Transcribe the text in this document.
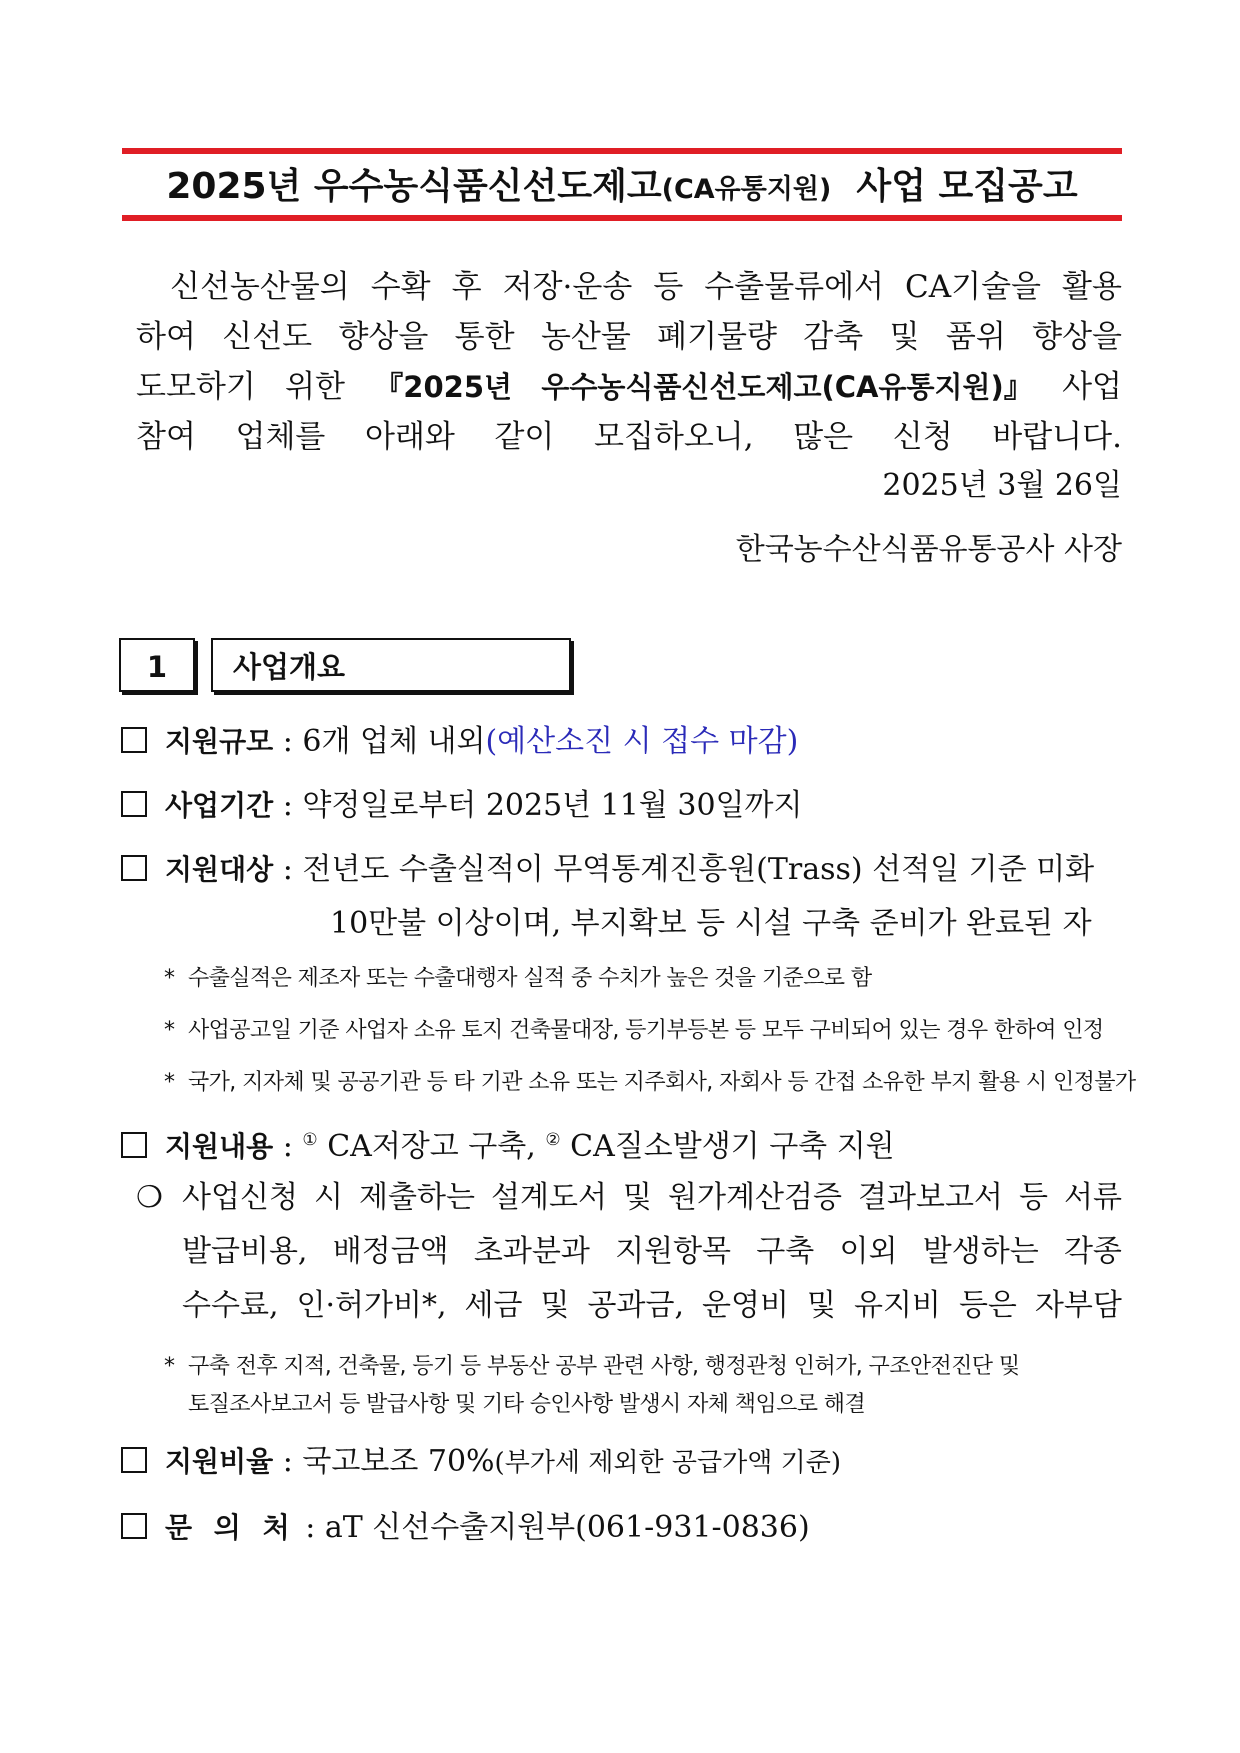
2025년 우수농식품신선도제고(CA유통지원) 사업 모집공고
신선농산물의 수확 후 저장·운송 등 수출물류에서 CA기술을 활용
하여 신선도 향상을 통한 농산물 폐기물량 감축 및 품위 향상을
도모하기 위한 『2025년 우수농식품신선도제고(CA유통지원)』 사업
참여 업체를 아래와 같이 모집하오니, 많은 신청 바랍니다.
2025년 3월 26일
한국농수산식품유통공사 사장
1	사업개요
지원규모 : 6개 업체 내외(예산소진 시 접수 마감)
사업기간 : 약정일로부터 2025년 11월 30일까지
지원대상 : 전년도 수출실적이 무역통계진흥원(Trass) 선적일 기준 미화
10만불 이상이며, 부지확보 등 시설 구축 준비가 완료된 자
* 수출실적은 제조자 또는 수출대행자 실적 중 수치가 높은 것을 기준으로 함
* 사업공고일 기준 사업자 소유 토지 건축물대장, 등기부등본 등 모두 구비되어 있는 경우 한하여 인정
* 국가, 지자체 및 공공기관 등 타 기관 소유 또는 지주회사, 자회사 등 간접 소유한 부지 활용 시 인정불가
지원내용 : ① CA저장고 구축, ② CA질소발생기 구축 지원
❍ 사업신청 시 제출하는 설계도서 및 원가계산검증 결과보고서 등 서류
발급비용, 배정금액 초과분과 지원항목 구축 이외 발생하는 각종
수수료, 인·허가비*, 세금 및 공과금, 운영비 및 유지비 등은 자부담
* 구축 전후 지적, 건축물, 등기 등 부동산 공부 관련 사항, 행정관청 인허가, 구조안전진단 및
토질조사보고서 등 발급사항 및 기타 승인사항 발생시 자체 책임으로 해결
지원비율 : 국고보조 70%(부가세 제외한 공급가액 기준)
문 의 처 : aT 신선수출지원부(061-931-0836)
